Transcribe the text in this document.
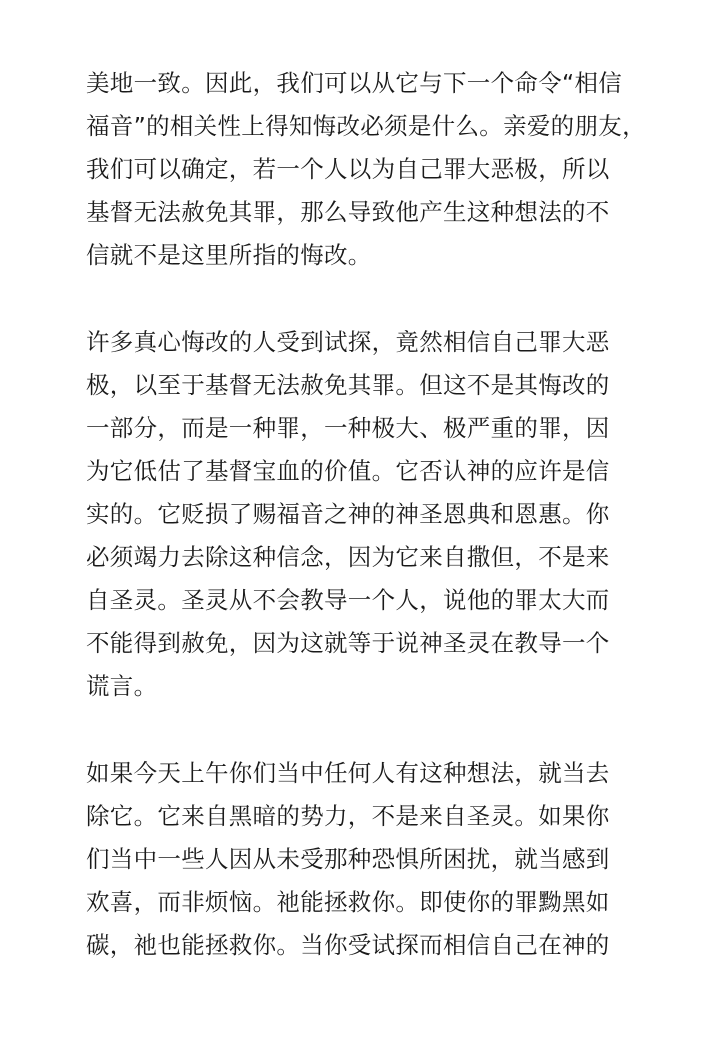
美地一致。因此，我们可以从它与下一个命令“相信
福音”的相关性上得知悔改必须是什么。亲爱的朋友，
我们可以确定，若一个人以为自己罪大恶极，所以
基督无法赦免其罪，那么导致他产生这种想法的不
信就不是这里所指的悔改。
许多真心悔改的人受到试探，竟然相信自己罪大恶
极，以至于基督无法赦免其罪。但这不是其悔改的
一部分，而是一种罪，一种极大、极严重的罪，因
为它低估了基督宝血的价值。它否认神的应许是信
实的。它贬损了赐福音之神的神圣恩典和恩惠。你
必须竭力去除这种信念，因为它来自撒但，不是来
自圣灵。圣灵从不会教导一个人，说他的罪太大而
不能得到赦免，因为这就等于说神圣灵在教导一个
谎言。
如果今天上午你们当中任何人有这种想法，就当去
除它。它来自黑暗的势力，不是来自圣灵。如果你
们当中一些人因从未受那种恐惧所困扰，就当感到
欢喜，而非烦恼。祂能拯救你。即使你的罪黝黑如
碳，祂也能拯救你。当你受试探而相信自己在神的
